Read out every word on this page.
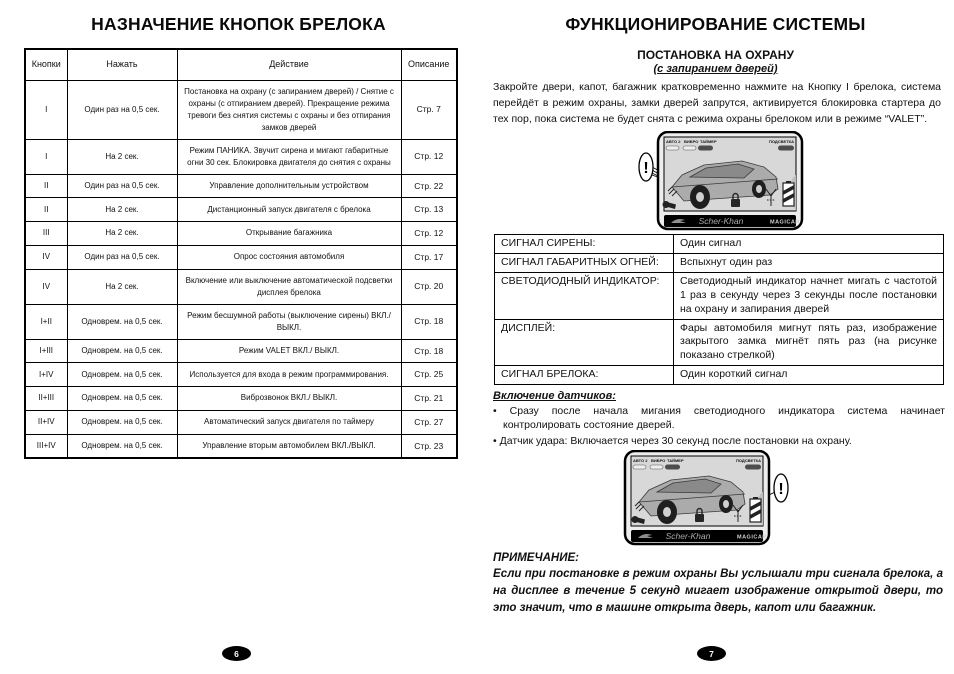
НАЗНАЧЕНИЕ КНОПОК БРЕЛОКА
Кнопки	Нажать	Действие	Описание
I	Один раз на 0,5 сек.	Постановка на охрану (с запиранием дверей) / Снятие с охраны (с отпиранием дверей). Прекращение режима тревоги без снятия системы с охраны и без отпирания замков дверей	Стр. 7
I	На 2 сек.	Режим ПАНИКА. Звучит сирена и мигают габаритные огни 30 сек. Блокировка двигателя до снятия с охраны	Стр. 12
II	Один раз на 0,5 сек.	Управление дополнительным устройством	Стр. 22
II	На 2 сек.	Дистанционный запуск двигателя с брелока	Стр. 13
III	На 2 сек.	Открывание багажника	Стр. 12
IV	Один раз на 0,5 сек.	Опрос состояния автомобиля	Стр. 17
IV	На 2 сек.	Включение или выключение автоматической подсветки дисплея брелока	Стр. 20
I+II	Одноврем. на 0,5 сек.	Режим бесшумной работы (выключение сирены) ВКЛ./ ВЫКЛ.	Стр. 18
I+III	Одноврем. на 0,5 сек.	Режим VALET ВКЛ./ ВЫКЛ.	Стр. 18
I+IV	Одноврем. на 0,5 сек.	Используется для входа в режим программирования.	Стр. 25
II+III	Одноврем. на 0,5 сек.	Виброзвонок ВКЛ./ ВЫКЛ.	Стр. 21
II+IV	Одноврем. на 0,5 сек.	Автоматический запуск двигателя по таймеру	Стр. 27
III+IV	Одноврем. на 0,5 сек.	Управление вторым автомобилем ВКЛ./ВЫКЛ.	Стр. 23
6
ФУНКЦИОНИРОВАНИЕ СИСТЕМЫ
ПОСТАНОВКА НА ОХРАНУ
(с запиранием дверей)

Закройте двери, капот, багажник кратковременно нажмите на Кнопку I брелока, система перейдёт в режим охраны, замки дверей запрутся, активируется блокировка стартера до тех пор, пока система не будет снята с режима охраны брелоком или в режиме “VALET”.

!
АВТО 2 ВИБРО ТАЙМЕР	ПОДСВЕТКА
Scher-Khan	MAGICAR
СИГНАЛ СИРЕНЫ:	Один сигнал
СИГНАЛ ГАБАРИТНЫХ ОГНЕЙ:	Вспыхнут один раз
СВЕТОДИОДНЫЙ ИНДИКАТОР:	Светодиодный индикатор начнет мигать с частотой 1 раз в секунду через 3 секунды после постановки на охрану и запирания дверей
ДИСПЛЕЙ:	Фары автомобиля мигнут пять раз, изображение закрытого замка мигнёт пять раз (на рисунке показано стрелкой)
СИГНАЛ БРЕЛОКА:	Один короткий сигнал
Включение датчиков:
• Сразу после начала мигания светодиодного индикатора система начинает контролировать состояние дверей.
• Датчик удара: Включается через 30 секунд после постановки на охрану.
!
АВТО 2 ВИБРО ТАЙМЕР	ПОДСВЕТКА
Scher-Khan	MAGICAR

ПРИМЕЧАНИЕ:

Если при постановке в режим охраны Вы услышали три сигнала брелока, а на дисплее в течение 5 секунд мигает изображение открытой двери, то это значит, что в машине открыта дверь, капот или багажник.

7
